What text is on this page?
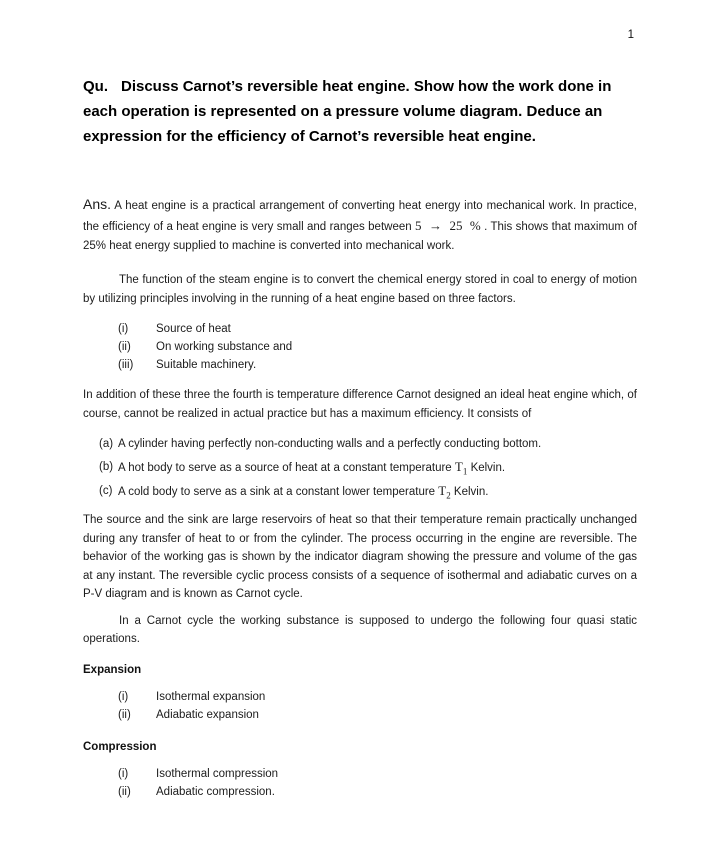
1
Qu. Discuss Carnot’s reversible heat engine. Show how the work done in each operation is represented on a pressure volume diagram. Deduce an expression for the efficiency of Carnot’s reversible heat engine.

Ans. A heat engine is a practical arrangement of converting heat energy into mechanical work. In practice, the efficiency of a heat engine is very small and ranges between 5 → 25 % . This shows that maximum of 25% heat energy supplied to machine is converted into mechanical work.

The function of the steam engine is to convert the chemical energy stored in coal to energy of motion by utilizing principles involving in the running of a heat engine based on three factors.

(i) Source of heat
(ii) On working substance and
(iii) Suitable machinery.

In addition of these three the fourth is temperature difference Carnot designed an ideal heat engine which, of course, cannot be realized in actual practice but has a maximum efficiency. It consists of

(a) A cylinder having perfectly non-conducting walls and a perfectly conducting bottom.
(b) A hot body to serve as a source of heat at a constant temperature $T_1$ Kelvin.
(c) A cold body to serve as a sink at a constant lower temperature $T_2$ Kelvin.

The source and the sink are large reservoirs of heat so that their temperature remain practically unchanged during any transfer of heat to or from the cylinder. The process occurring in the engine are reversible. The behavior of the working gas is shown by the indicator diagram showing the pressure and volume of the gas at any instant. The reversible cyclic process consists of a sequence of isothermal and adiabatic curves on a P-V diagram and is known as Carnot cycle.

In a Carnot cycle the working substance is supposed to undergo the following four quasi static operations.

Expansion
(i) Isothermal expansion
(ii) Adiabatic expansion
Compression
(i) Isothermal compression
(ii) Adiabatic compression.
